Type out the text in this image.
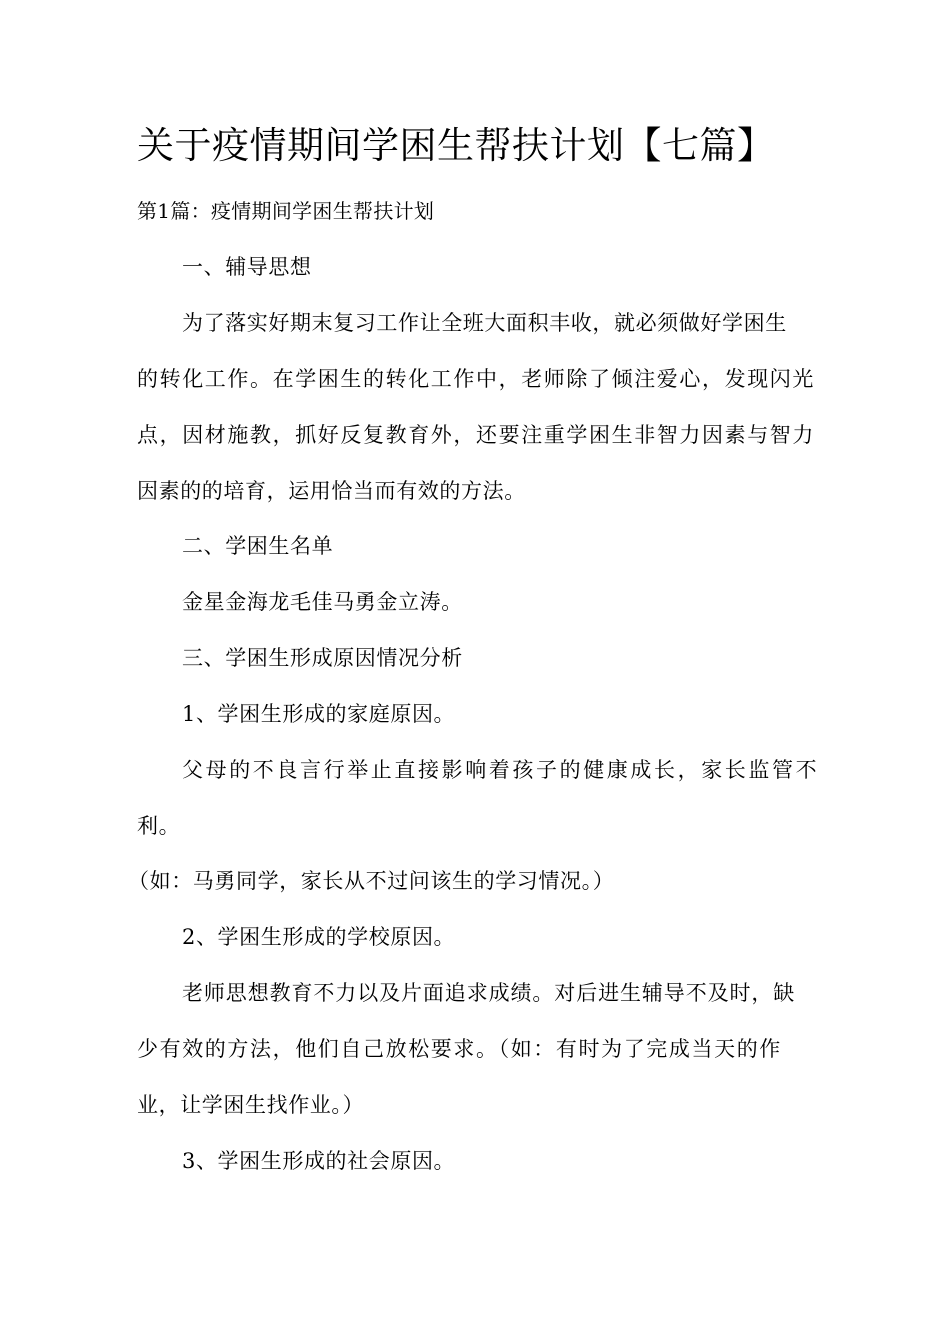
关于疫情期间学困生帮扶计划【七篇】
第1篇：疫情期间学困生帮扶计划
一、辅导思想
为了落实好期末复习工作让全班大面积丰收，就必须做好学困生
的转化工作。在学困生的转化工作中，老师除了倾注爱心，发现闪光
点，因材施教，抓好反复教育外，还要注重学困生非智力因素与智力
因素的的培育，运用恰当而有效的方法。
二、学困生名单
金星金海龙毛佳马勇金立涛。
三、学困生形成原因情况分析
1、学困生形成的家庭原因。
父母的不良言行举止直接影响着孩子的健康成长，家长监管不
利。
（如：马勇同学，家长从不过问该生的学习情况。）
2、学困生形成的学校原因。
老师思想教育不力以及片面追求成绩。对后进生辅导不及时，缺
少有效的方法，他们自己放松要求。（如：有时为了完成当天的作
业，让学困生找作业。）
3、学困生形成的社会原因。
